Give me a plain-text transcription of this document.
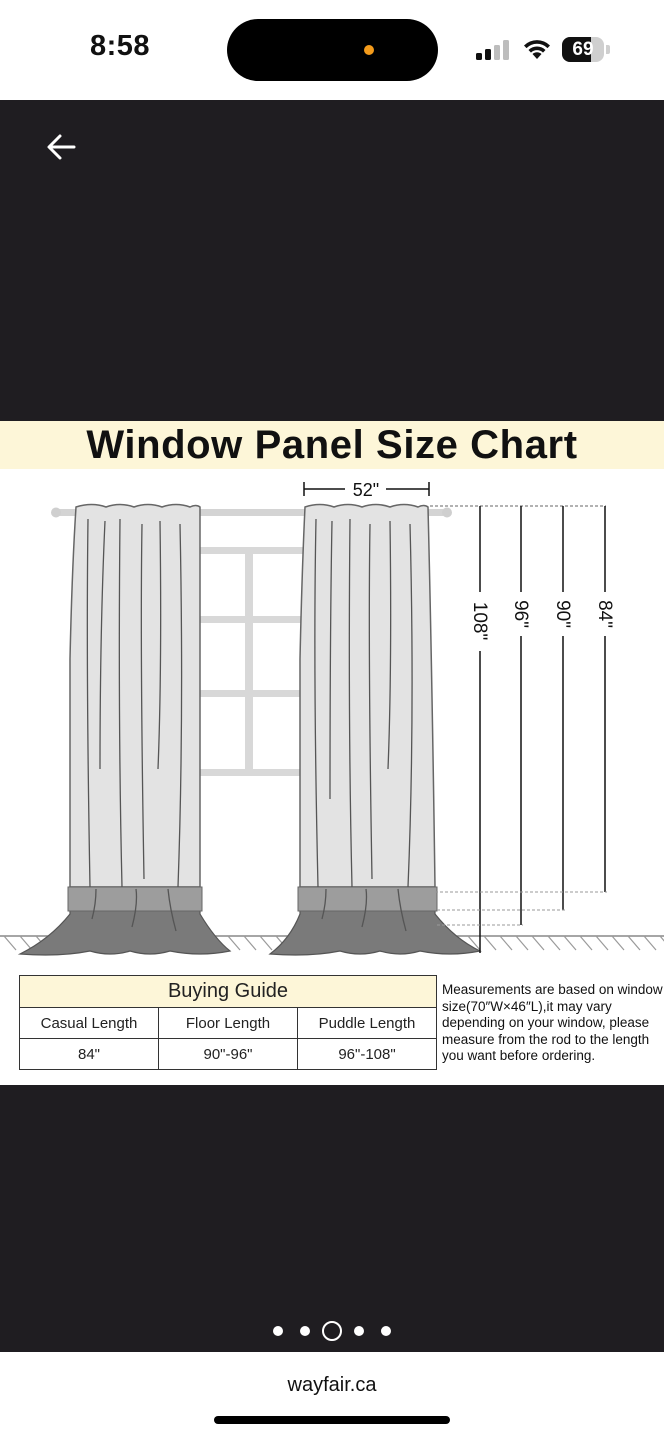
8:58	69
Window Panel Size Chart
52"
108" 96" 90" 84"
Buying Guide		
Casual Length	Floor Length	Puddle Length
84"	90"-96"	96"-108"
Measurements are based on window size(70″W×46″L),it may vary depending on your window, please measure from the rod to the length you want before ordering.
wayfair.ca
